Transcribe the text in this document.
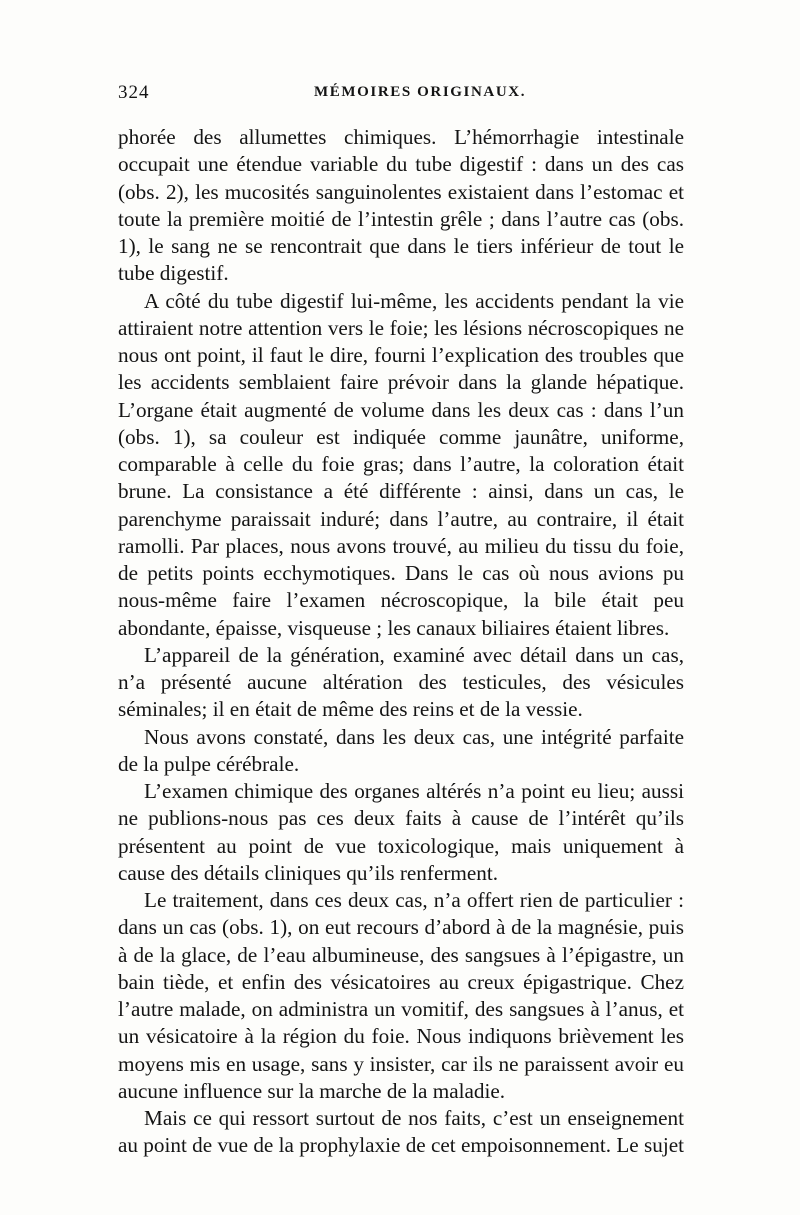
324	MÉMOIRES ORIGINAUX.

phorée des allumettes chimiques. L’hémorrhagie intestinale occupait une étendue variable du tube digestif : dans un des cas (obs. 2), les mucosités sanguinolentes existaient dans l’estomac et toute la première moitié de l’intestin grêle ; dans l’autre cas (obs. 1), le sang ne se rencontrait que dans le tiers inférieur de tout le tube digestif.

A côté du tube digestif lui-même, les accidents pendant la vie attiraient notre attention vers le foie; les lésions nécroscopiques ne nous ont point, il faut le dire, fourni l’explication des troubles que les accidents semblaient faire prévoir dans la glande hépatique. L’organe était augmenté de volume dans les deux cas : dans l’un (obs. 1), sa couleur est indiquée comme jaunâtre, uniforme, comparable à celle du foie gras; dans l’autre, la coloration était brune. La consistance a été différente : ainsi, dans un cas, le parenchyme paraissait induré; dans l’autre, au contraire, il était ramolli. Par places, nous avons trouvé, au milieu du tissu du foie, de petits points ecchymotiques. Dans le cas où nous avions pu nous-même faire l’examen nécroscopique, la bile était peu abondante, épaisse, visqueuse ; les canaux biliaires étaient libres.

L’appareil de la génération, examiné avec détail dans un cas, n’a présenté aucune altération des testicules, des vésicules séminales; il en était de même des reins et de la vessie.

Nous avons constaté, dans les deux cas, une intégrité parfaite de la pulpe cérébrale.

L’examen chimique des organes altérés n’a point eu lieu; aussi ne publions-nous pas ces deux faits à cause de l’intérêt qu’ils présentent au point de vue toxicologique, mais uniquement à cause des détails cliniques qu’ils renferment.

Le traitement, dans ces deux cas, n’a offert rien de particulier : dans un cas (obs. 1), on eut recours d’abord à de la magnésie, puis à de la glace, de l’eau albumineuse, des sangsues à l’épigastre, un bain tiède, et enfin des vésicatoires au creux épigastrique. Chez l’autre malade, on administra un vomitif, des sangsues à l’anus, et un vésicatoire à la région du foie. Nous indiquons brièvement les moyens mis en usage, sans y insister, car ils ne paraissent avoir eu aucune influence sur la marche de la maladie.

Mais ce qui ressort surtout de nos faits, c’est un enseignement au point de vue de la prophylaxie de cet empoisonnement. Le sujet
